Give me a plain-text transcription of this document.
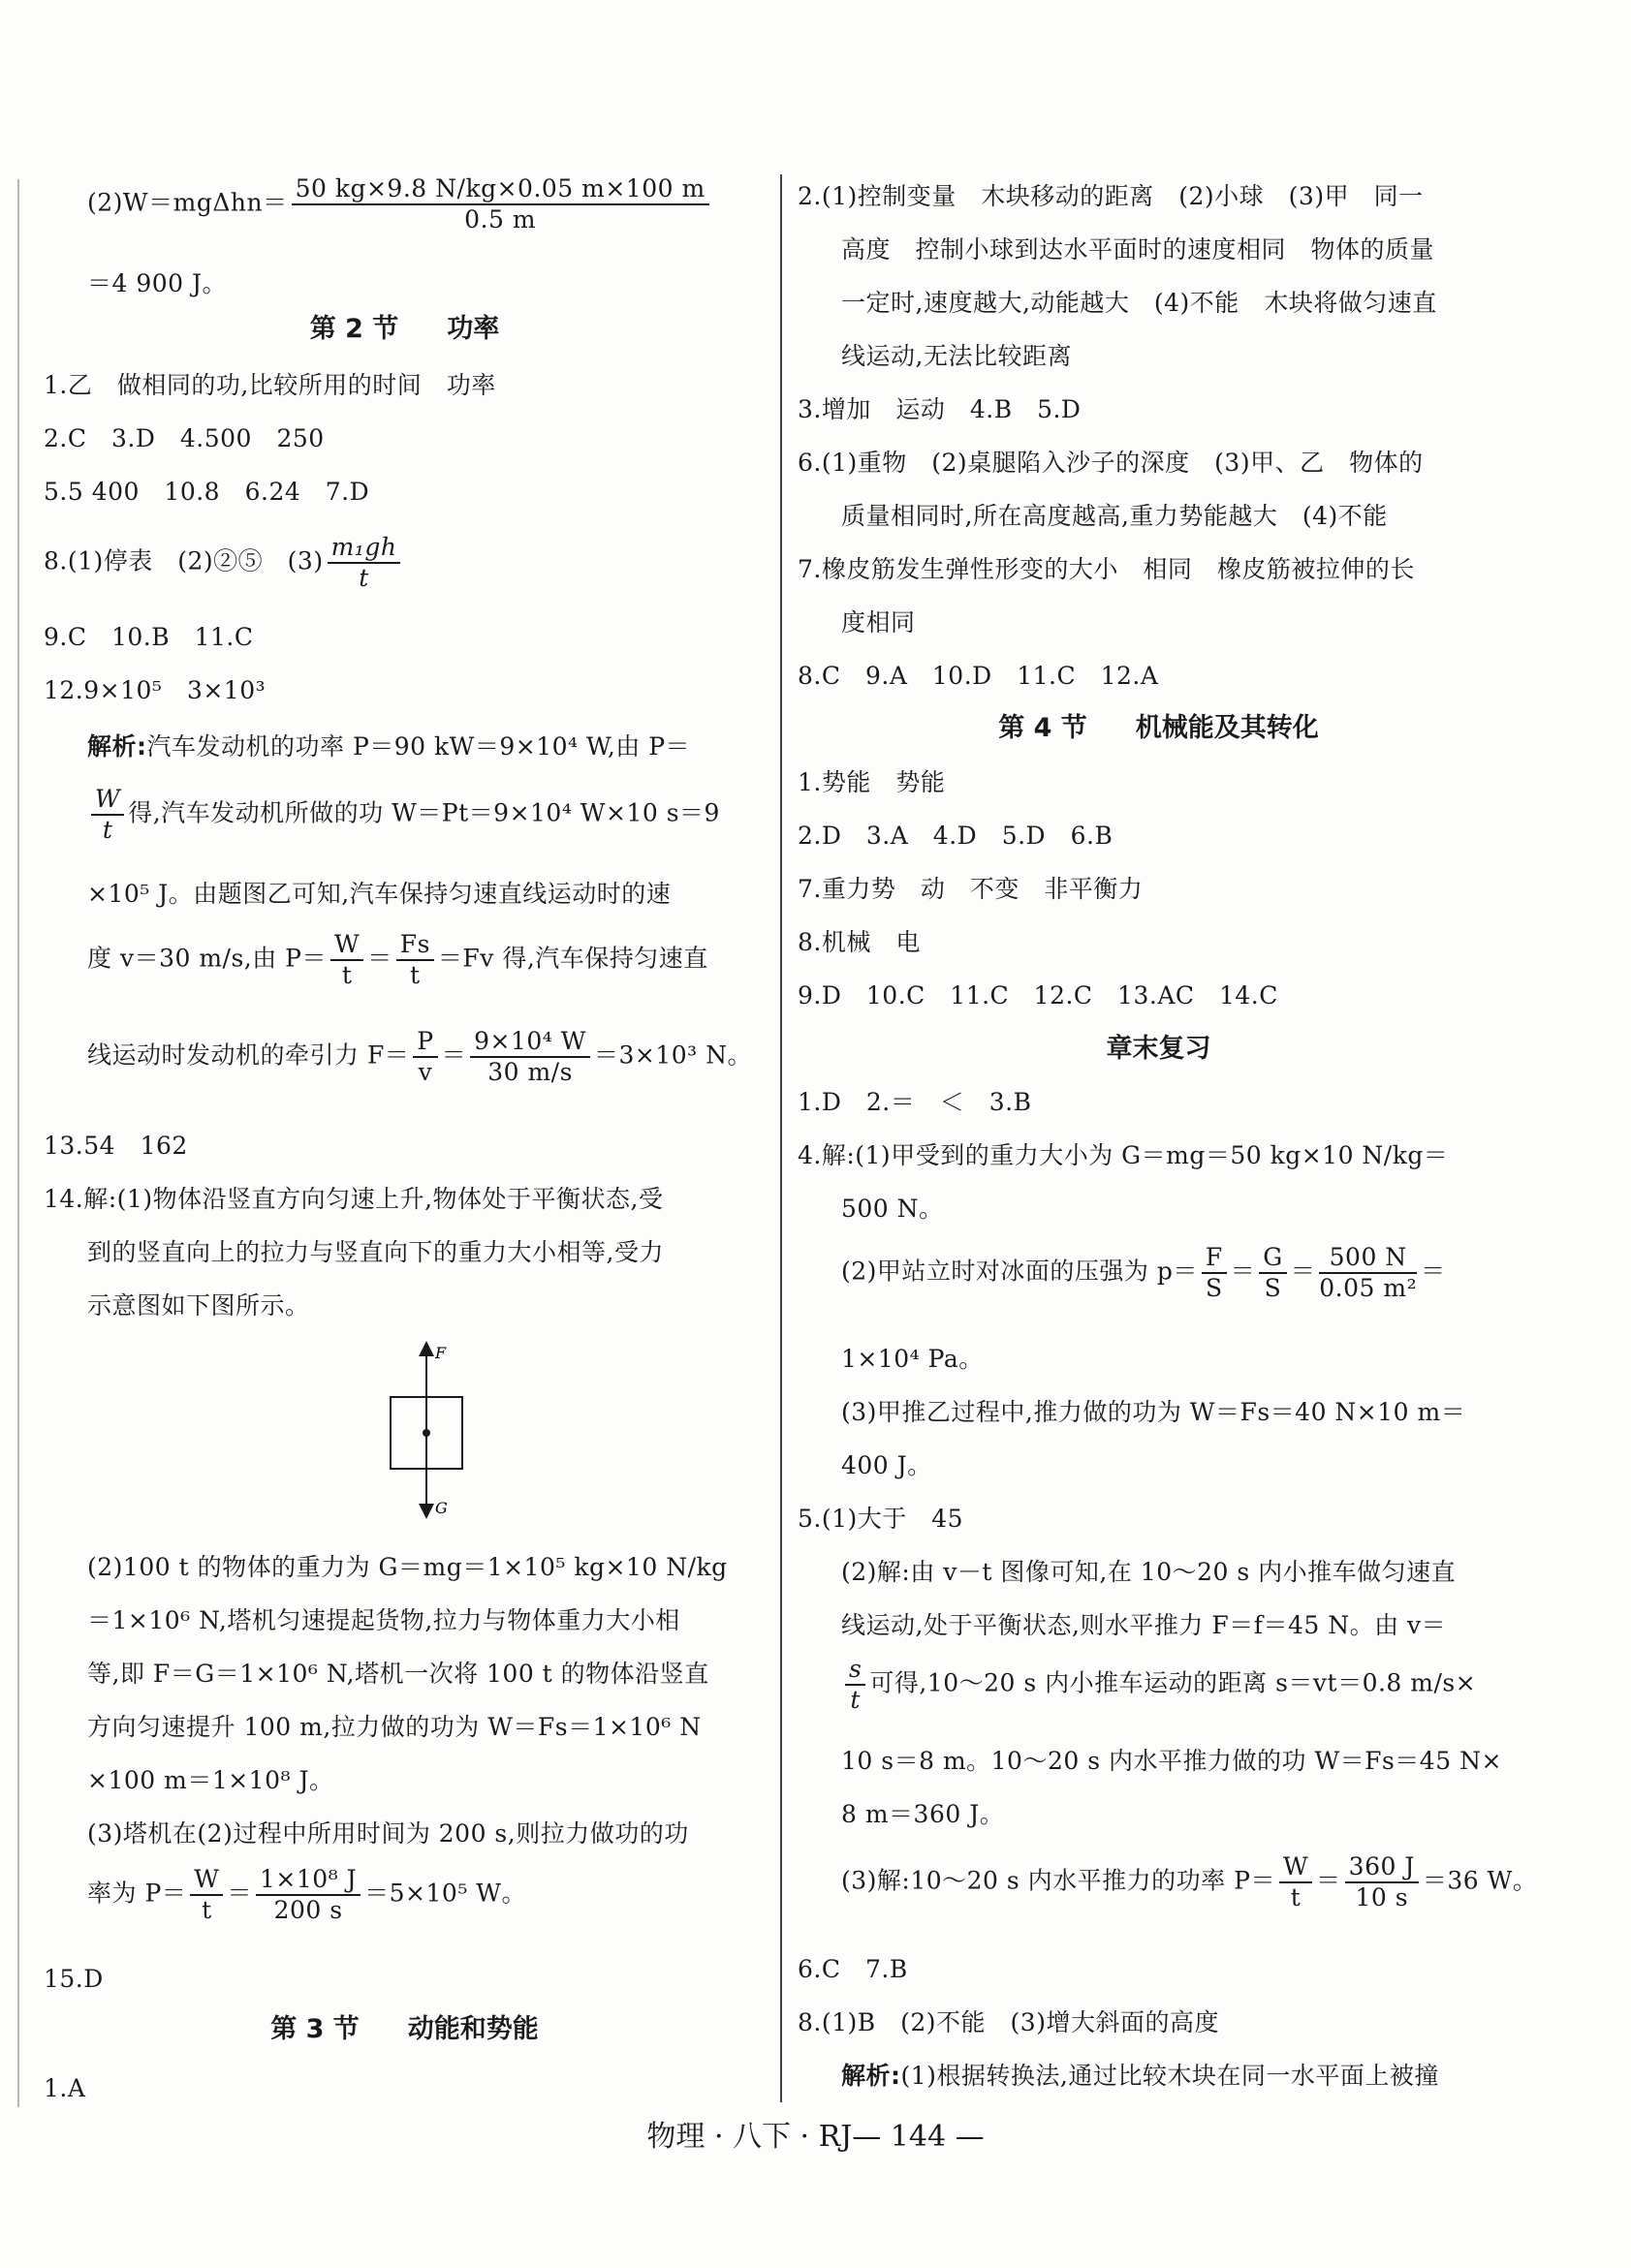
$(2)W=mg\Delta hn= \frac{50 kg\times 9.8 N/kg\times 0.05 m\times 100 m}{0.5 m}$
＝4 900 J。
第 2 节 功率
1.乙　做相同的功,比较所用的时间　功率
2.C　3.D　4.500　250
5.5 400　10.8　6.24　7.D
8.(1)停表　(2)②⑤　$(3) \frac{\text{m₁gh}}{t}$
9.C　10.B　11.C
12.9×10⁵　3×10³
解析:汽车发动机的功率 P＝90 kW＝9×10⁴ W,由 P＝
$\frac{W}{t}$ 得,汽车发动机所做的功 W＝Pt＝9×10⁴ W×10 s＝9
×10⁵ J。由题图乙可知,汽车保持匀速直线运动时的速
度 v＝30 m/s,由 $P= \frac{W}{t} = \frac{Fs}{t} =Fv$ 得,汽车保持匀速直
线运动时发动机的牵引力 $F= \frac{P}{v} = \frac{\text{9×10⁴ W}}{30 m/s} =3\times 10^3$ N。
13.54　162
14.解:(1)物体沿竖直方向匀速上升,物体处于平衡状态,受
到的竖直向上的拉力与竖直向下的重力大小相等,受力
示意图如下图所示。
F
G
(2)100 t 的物体的重力为 G＝mg＝1×10⁵ kg×10 N/kg
＝1×10⁶ N,塔机匀速提起货物,拉力与物体重力大小相
等,即 F＝G＝1×10⁶ N,塔机一次将 100 t 的物体沿竖直
方向匀速提升 100 m,拉力做的功为 W＝Fs＝1×10⁶ N
×100 m＝1×10⁸ J。
(3)塔机在(2)过程中所用时间为 200 s,则拉力做功的功
率为 $P= \frac{W}{t} = \frac{\text{1×10⁸ J}}{200 s} =5\times 10^5$ W。
15.D
第 3 节 动能和势能
1.A
2.(1)控制变量　木块移动的距离　(2)小球　(3)甲　同一
高度　控制小球到达水平面时的速度相同　物体的质量
一定时,速度越大,动能越大　(4)不能　木块将做匀速直
线运动,无法比较距离
3.增加　运动　4.B　5.D
6.(1)重物　(2)桌腿陷入沙子的深度　(3)甲、乙　物体的
质量相同时,所在高度越高,重力势能越大　(4)不能
7.橡皮筋发生弹性形变的大小　相同　橡皮筋被拉伸的长
度相同
8.C　9.A　10.D　11.C　12.A
第 4 节 机械能及其转化
1.势能　势能
2.D　3.A　4.D　5.D　6.B
7.重力势　动　不变　非平衡力
8.机械　电
9.D　10.C　11.C　12.C　13.AC　14.C
章末复习
1.D　2.＝　＜　3.B
4.解:(1)甲受到的重力大小为 G＝mg＝50 kg×10 N/kg＝
500 N。
(2)甲站立时对冰面的压强为 $p= \frac{F}{S} = \frac{G}{S} = \frac{500 N}{\text{0.05 m²}}$ ＝
1×10⁴ Pa。
(3)甲推乙过程中,推力做的功为 W＝Fs＝40 N×10 m＝
400 J。
5.(1)大于　45
(2)解:由 v－t 图像可知,在 10～20 s 内小推车做匀速直
线运动,处于平衡状态,则水平推力 F＝f＝45 N。由 v＝
$\frac{s}{t}$ 可得,10～20 s 内小推车运动的距离 s＝vt＝0.8 m/s×
10 s＝8 m。10～20 s 内水平推力做的功 W＝Fs＝45 N×
8 m＝360 J。
(3)解:10～20 s 内水平推力的功率 $P= \frac{W}{t} = \frac{360 J}{10 s} =36$ W。
6.C　7.B
8.(1)B　(2)不能　(3)增大斜面的高度
解析:(1)根据转换法,通过比较木块在同一水平面上被撞
物理 · 八下 · RJ— 144 —
